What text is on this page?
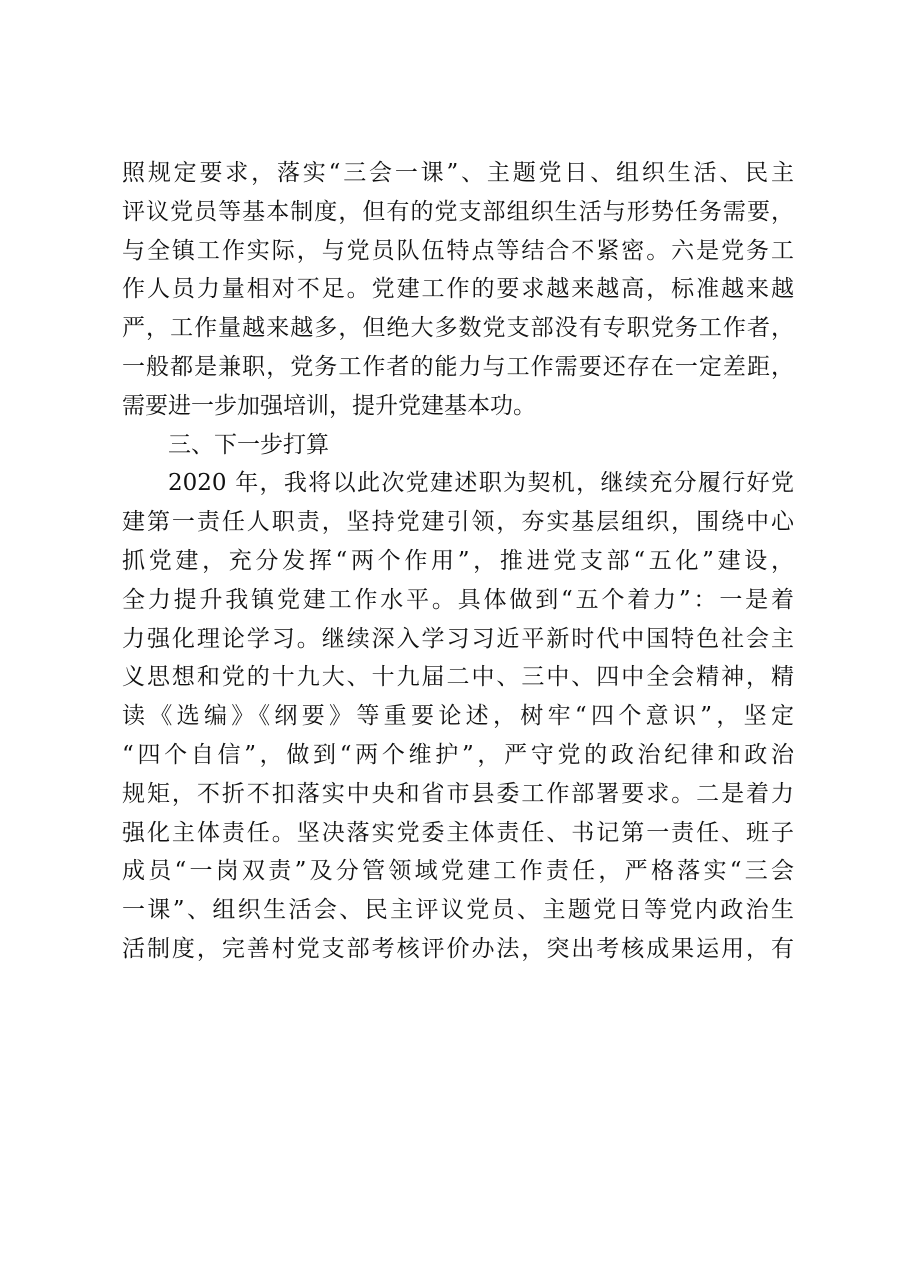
照规定要求，落实“三会一课”、主题党日、组织生活、民主
评议党员等基本制度，但有的党支部组织生活与形势任务需要，
与全镇工作实际，与党员队伍特点等结合不紧密。六是党务工
作人员力量相对不足。党建工作的要求越来越高，标准越来越
严，工作量越来越多，但绝大多数党支部没有专职党务工作者，
一般都是兼职，党务工作者的能力与工作需要还存在一定差距，
需要进一步加强培训，提升党建基本功。
三、下一步打算
2020 年，我将以此次党建述职为契机，继续充分履行好党
建第一责任人职责，坚持党建引领，夯实基层组织，围绕中心
抓党建，充分发挥“两个作用”，推进党支部“五化”建设，
全力提升我镇党建工作水平。具体做到“五个着力”：一是着
力强化理论学习。继续深入学习习近平新时代中国特色社会主
义思想和党的十九大、十九届二中、三中、四中全会精神，精
读《选编》《纲要》等重要论述，树牢“四个意识”，坚定
“四个自信”，做到“两个维护”，严守党的政治纪律和政治
规矩，不折不扣落实中央和省市县委工作部署要求。二是着力
强化主体责任。坚决落实党委主体责任、书记第一责任、班子
成员“一岗双责”及分管领域党建工作责任，严格落实“三会
一课”、组织生活会、民主评议党员、主题党日等党内政治生
活制度，完善村党支部考核评价办法，突出考核成果运用，有
